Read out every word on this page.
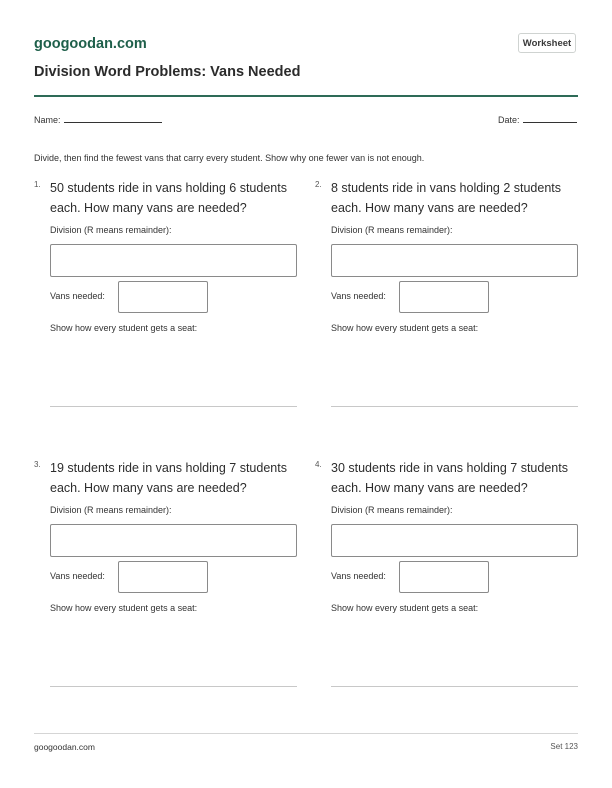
googoodan.com	Worksheet
Division Word Problems: Vans Needed
Name:	Date:
Divide, then find the fewest vans that carry every student. Show why one fewer van is not enough.
1. 50 students ride in vans holding 6 students each. How many vans are needed?
Division (R means remainder):
Vans needed:
Show how every student gets a seat:
2. 8 students ride in vans holding 2 students each. How many vans are needed?
Division (R means remainder):
Vans needed:
Show how every student gets a seat:
3. 19 students ride in vans holding 7 students each. How many vans are needed?
Division (R means remainder):
Vans needed:
Show how every student gets a seat:
4. 30 students ride in vans holding 7 students each. How many vans are needed?
Division (R means remainder):
Vans needed:
Show how every student gets a seat:
googoodan.com	Set 123
